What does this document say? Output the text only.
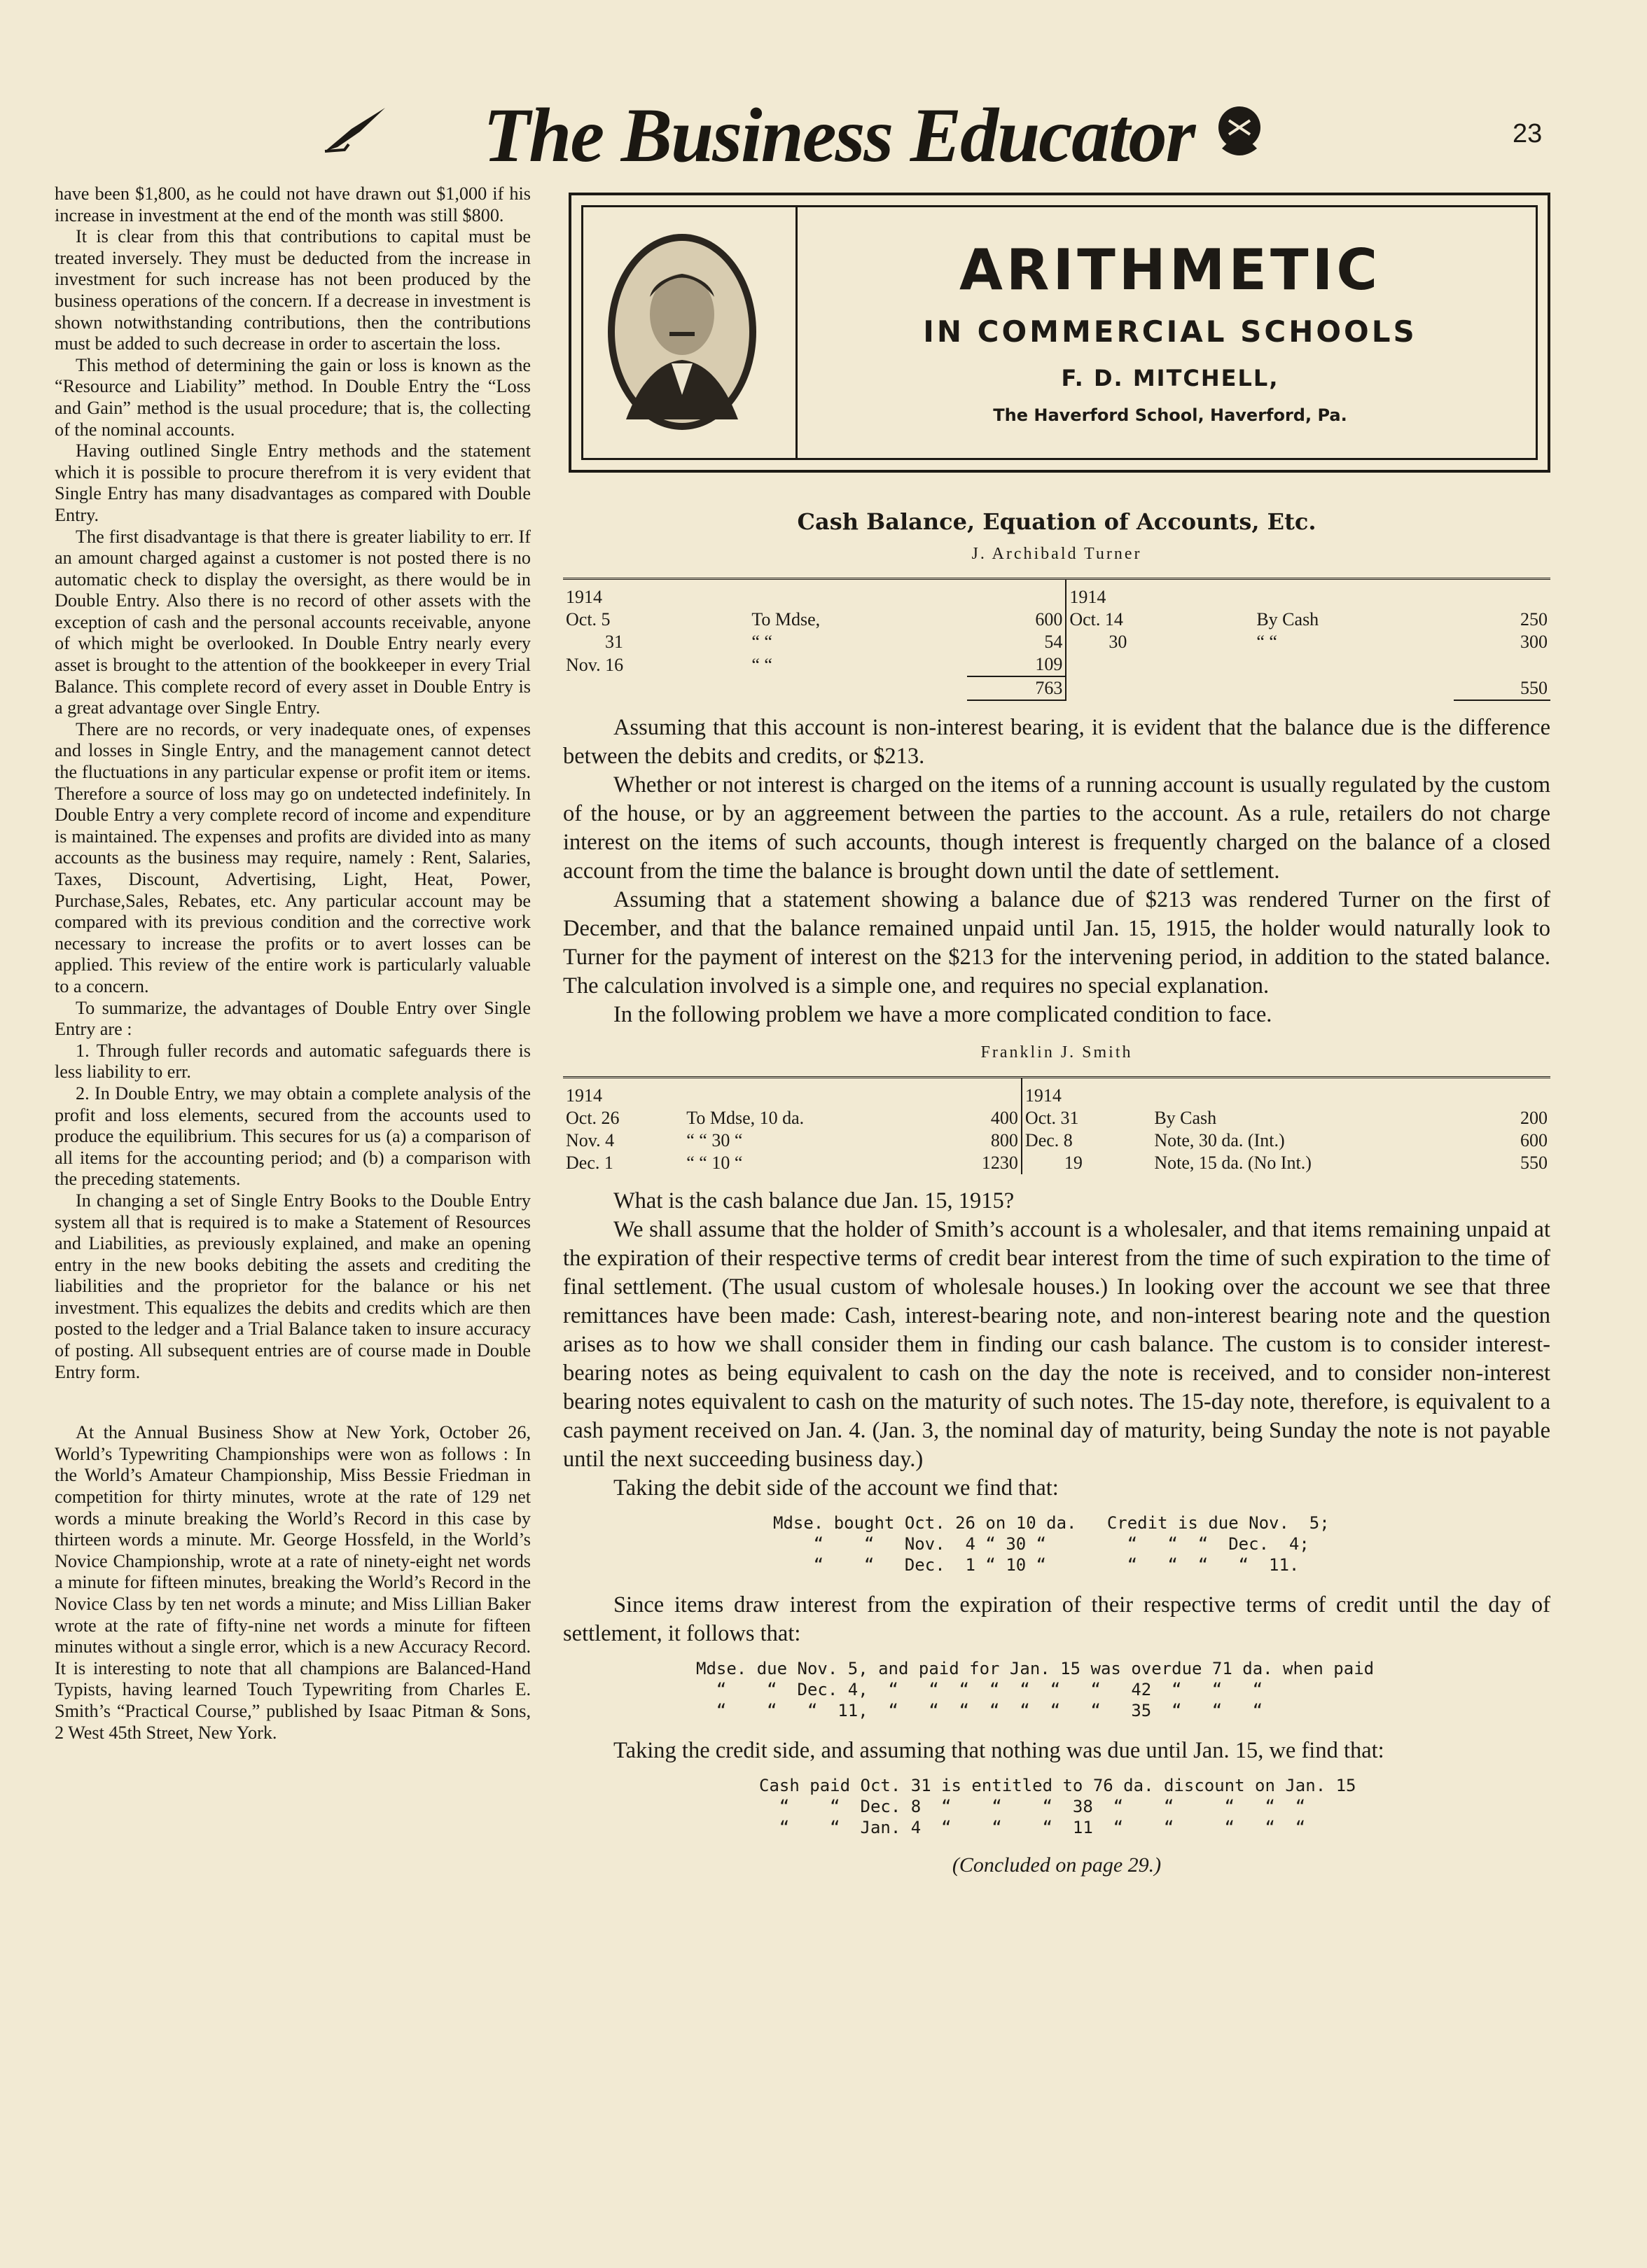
The Business Educator	23

have been $1,800, as he could not have drawn out $1,000 if his increase in investment at the end of the month was still $800.

It is clear from this that contributions to capital must be treated inversely. They must be deducted from the increase in investment for such increase has not been produced by the business operations of the concern. If a decrease in investment is shown notwithstanding contributions, then the contributions must be added to such decrease in order to ascertain the loss.

This method of determining the gain or loss is known as the “Resource and Liability” method. In Double Entry the “Loss and Gain” method is the usual procedure; that is, the collecting of the nominal accounts.

Having outlined Single Entry methods and the statement which it is possible to procure therefrom it is very evident that Single Entry has many disadvantages as compared with Double Entry.

The first disadvantage is that there is greater liability to err. If an amount charged against a customer is not posted there is no automatic check to display the oversight, as there would be in Double Entry. Also there is no record of other assets with the exception of cash and the personal accounts receivable, anyone of which might be overlooked. In Double Entry nearly every asset is brought to the attention of the bookkeeper in every Trial Balance. This complete record of every asset in Double Entry is a great advantage over Single Entry.

There are no records, or very inadequate ones, of expenses and losses in Single Entry, and the management cannot detect the fluctuations in any particular expense or profit item or items. Therefore a source of loss may go on undetected indefinitely. In Double Entry a very complete record of income and expenditure is maintained. The expenses and profits are divided into as many accounts as the business may require, namely : Rent, Salaries, Taxes, Discount, Advertising, Light, Heat, Power, Purchase,Sales, Rebates, etc. Any particular account may be compared with its previous condition and the corrective work necessary to increase the profits or to avert losses can be applied. This review of the entire work is particularly valuable to a concern.

To summarize, the advantages of Double Entry over Single Entry are :

1. Through fuller records and automatic safeguards there is less liability to err.

2. In Double Entry, we may obtain a complete analysis of the profit and loss elements, secured from the accounts used to produce the equilibrium. This secures for us (a) a comparison of all items for the accounting period; and (b) a comparison with the preceding statements.

In changing a set of Single Entry Books to the Double Entry system all that is required is to make a Statement of Resources and Liabilities, as previously explained, and make an opening entry in the new books debiting the assets and crediting the liabilities and the proprietor for the balance or his net investment. This equalizes the debits and credits which are then posted to the ledger and a Trial Balance taken to insure accuracy of posting. All subsequent entries are of course made in Double Entry form.

At the Annual Business Show at New York, October 26, World’s Typewriting Championships were won as follows : In the World’s Amateur Championship, Miss Bessie Friedman in competition for thirty minutes, wrote at the rate of 129 net words a minute breaking the World’s Record in this case by thirteen words a minute. Mr. George Hossfeld, in the World’s Novice Championship, wrote at a rate of ninety-eight net words a minute for fifteen minutes, breaking the World’s Record in the Novice Class by ten net words a minute; and Miss Lillian Baker wrote at the rate of fifty-nine net words a minute for fifteen minutes without a single error, which is a new Accuracy Record. It is interesting to note that all champions are Balanced-Hand Typists, having learned Touch Typewriting from Charles E. Smith’s “Practical Course,” published by Isaac Pitman & Sons, 2 West 45th Street, New York.

ARITHMETIC
IN COMMERCIAL SCHOOLS
F. D. MITCHELL,
The Haverford School, Haverford, Pa.
Cash Balance, Equation of Accounts, Etc.
J. Archibald Turner
1914			1914		
Oct. 5	To Mdse,	600	Oct. 14	By Cash	250
31	“ “	54	30	“ “	300
Nov. 16	“ “	109			
		763			550

Assuming that this account is non-interest bearing, it is evident that the balance due is the difference between the debits and credits, or $213.

Whether or not interest is charged on the items of a running account is usually regulated by the custom of the house, or by an aggreement between the parties to the account. As a rule, retailers do not charge interest on the items of such accounts, though interest is frequently charged on the balance of a closed account from the time the balance is brought down until the date of settlement.

Assuming that a statement showing a balance due of $213 was rendered Turner on the first of December, and that the balance remained unpaid until Jan. 15, 1915, the holder would naturally look to Turner for the payment of interest on the $213 for the intervening period, in addition to the stated balance. The calculation involved is a simple one, and requires no special explanation.

In the following problem we have a more complicated condition to face.

Franklin J. Smith
1914			1914		
Oct. 26	To Mdse, 10 da.	400	Oct. 31	By Cash	200
Nov. 4	“ “ 30 “	800	Dec. 8	Note, 30 da. (Int.)	600
Dec. 1	“ “ 10 “	1230	19	Note, 15 da. (No Int.)	550

What is the cash balance due Jan. 15, 1915?

We shall assume that the holder of Smith’s account is a wholesaler, and that items remaining unpaid at the expiration of their respective terms of credit bear interest from the time of such expiration to the time of final settlement. (The usual custom of wholesale houses.) In looking over the account we see that three remittances have been made: Cash, interest-bearing note, and non-interest bearing note and the question arises as to how we shall consider them in finding our cash balance. The custom is to consider interest-bearing notes as being equivalent to cash on the day the note is received, and to consider non-interest bearing notes equivalent to cash on the maturity of such notes. The 15-day note, therefore, is equivalent to a cash payment received on Jan. 4. (Jan. 3, the nominal day of maturity, being Sunday the note is not payable until the next succeeding business day.)

Taking the debit side of the account we find that:

Mdse. bought Oct. 26 on 10 da.   Credit is due Nov.  5;
“    “   Nov.  4 “ 30 “        “   “  “  Dec.  4;
“    “   Dec.  1 “ 10 “        “   “  “   “  11.

Since items draw interest from the expiration of their respective terms of credit until the day of settlement, it follows that:

Mdse. due Nov. 5, and paid for Jan. 15 was overdue 71 da. when paid
“    “  Dec. 4,  “   “  “  “  “  “   “   42  “   “   “
“    “   “  11,  “   “  “  “  “  “   “   35  “   “   “

Taking the credit side, and assuming that nothing was due until Jan. 15, we find that:

Cash paid Oct. 31 is entitled to 76 da. discount on Jan. 15
“    “  Dec. 8  “    “    “  38  “    “     “   “  “
“    “  Jan. 4  “    “    “  11  “    “     “   “  “
(Concluded on page 29.)
